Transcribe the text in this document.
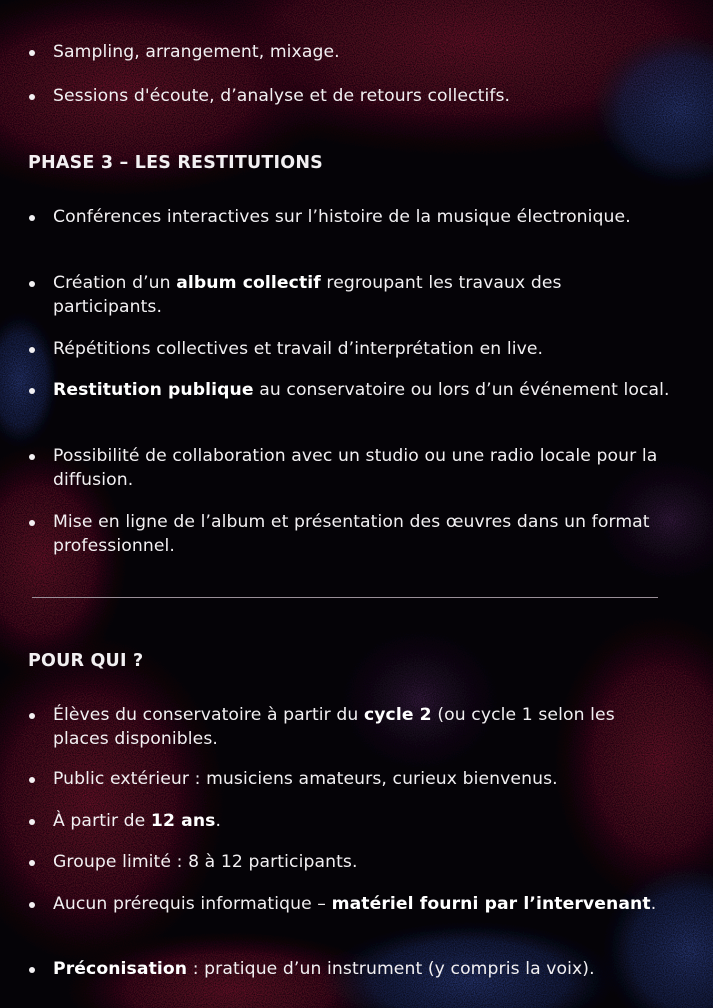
Sampling, arrangement, mixage.
Sessions d'écoute, d’analyse et de retours collectifs.
PHASE 3 – LES RESTITUTIONS
Conférences interactives sur l’histoire de la musique électronique.
Création d’un album collectif regroupant les travaux des participants.
Répétitions collectives et travail d’interprétation en live.
Restitution publique au conservatoire ou lors d’un événement local.
Possibilité de collaboration avec un studio ou une radio locale pour la diffusion.
Mise en ligne de l’album et présentation des œuvres dans un format professionnel.
POUR QUI ?
Élèves du conservatoire à partir du cycle 2 (ou cycle 1 selon les places disponibles.
Public extérieur : musiciens amateurs, curieux bienvenus.
À partir de 12 ans.
Groupe limité : 8 à 12 participants.
Aucun prérequis informatique – matériel fourni par l’intervenant.
Préconisation : pratique d’un instrument (y compris la voix).
